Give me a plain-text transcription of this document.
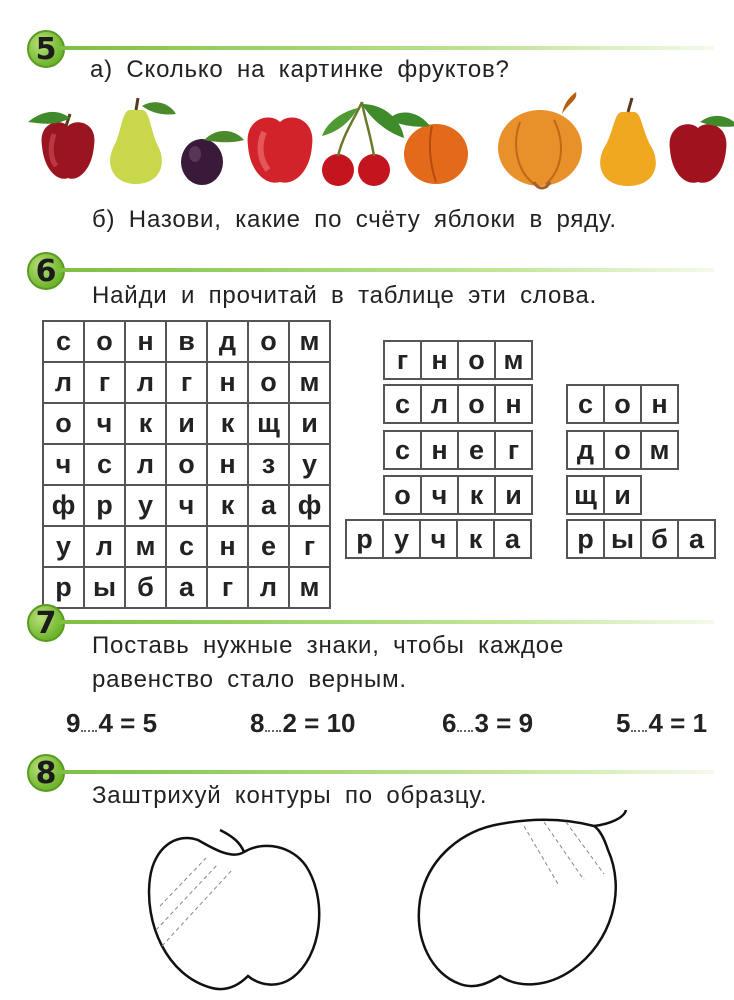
5
а) Сколько на картинке фруктов?
б) Назови, какие по счёту яблоки в ряду.
6
Найди и прочитай в таблице эти слова.
с	о	н	в	д	о	м
л	г	л	г	н	о	м
о	ч	к	и	к	щ	и
ч	с	л	о	н	з	у
ф	р	у	ч	к	а	ф
у	л	м	с	н	е	г
р	ы	б	а	г	л	м
г н о м
с л о н
с н е г
о ч к и
р у ч к а
с о н
д о м
щ и
р ы б а
7
Поставь нужные знаки, чтобы каждое
равенство стало верным.
9 4 = 5	8 2 = 10	6 3 = 9	5 4 = 1
8
Заштрихуй контуры по образцу.
